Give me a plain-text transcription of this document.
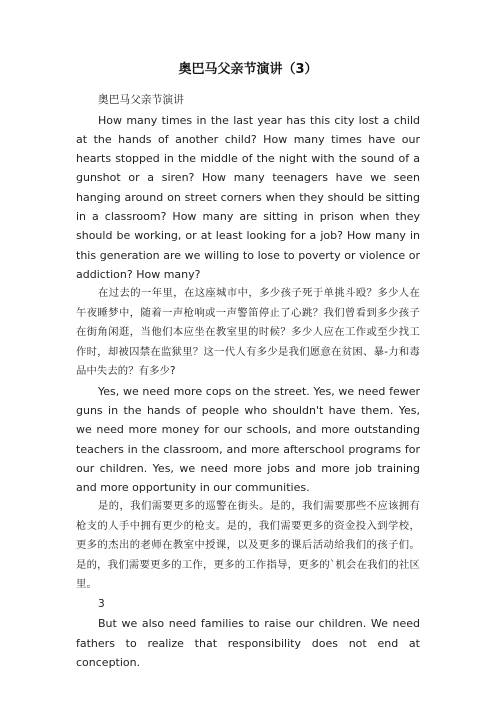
奥巴马父亲节演讲（3）

奥巴马父亲节演讲

How many times in the last year has this city lost a child at the hands of another child? How many times have our hearts stopped in the middle of the night with the sound of a gunshot or a siren? How many teenagers have we seen hanging around on street corners when they should be sitting in a classroom? How many are sitting in prison when they should be working, or at least looking for a job? How many in this generation are we willing to lose to poverty or violence or addiction? How many?

在过去的一年里，在这座城市中，多少孩子死于单挑斗殴？多少人在午夜睡梦中，随着一声枪响或一声警笛停止了心跳？我们曾看到多少孩子在街角闲逛，当他们本应坐在教室里的时候？多少人应在工作或至少找工作时，却被囚禁在监狱里？这一代人有多少是我们愿意在贫困、暴-力和毒品中失去的？有多少?

Yes, we need more cops on the street. Yes, we need fewer guns in the hands of people who shouldn't have them. Yes, we need more money for our schools, and more outstanding teachers in the classroom, and more afterschool programs for our children. Yes, we need more jobs and more job training and more opportunity in our communities.

是的，我们需要更多的巡警在街头。是的，我们需要那些不应该拥有枪支的人手中拥有更少的枪支。是的，我们需要更多的资金投入到学校，更多的杰出的老师在教室中授课，以及更多的课后活动给我们的孩子们。是的，我们需要更多的工作，更多的工作指导，更多的`机会在我们的社区里。

3

But we also need families to raise our children. We need fathers to realize that responsibility does not end at conception.
